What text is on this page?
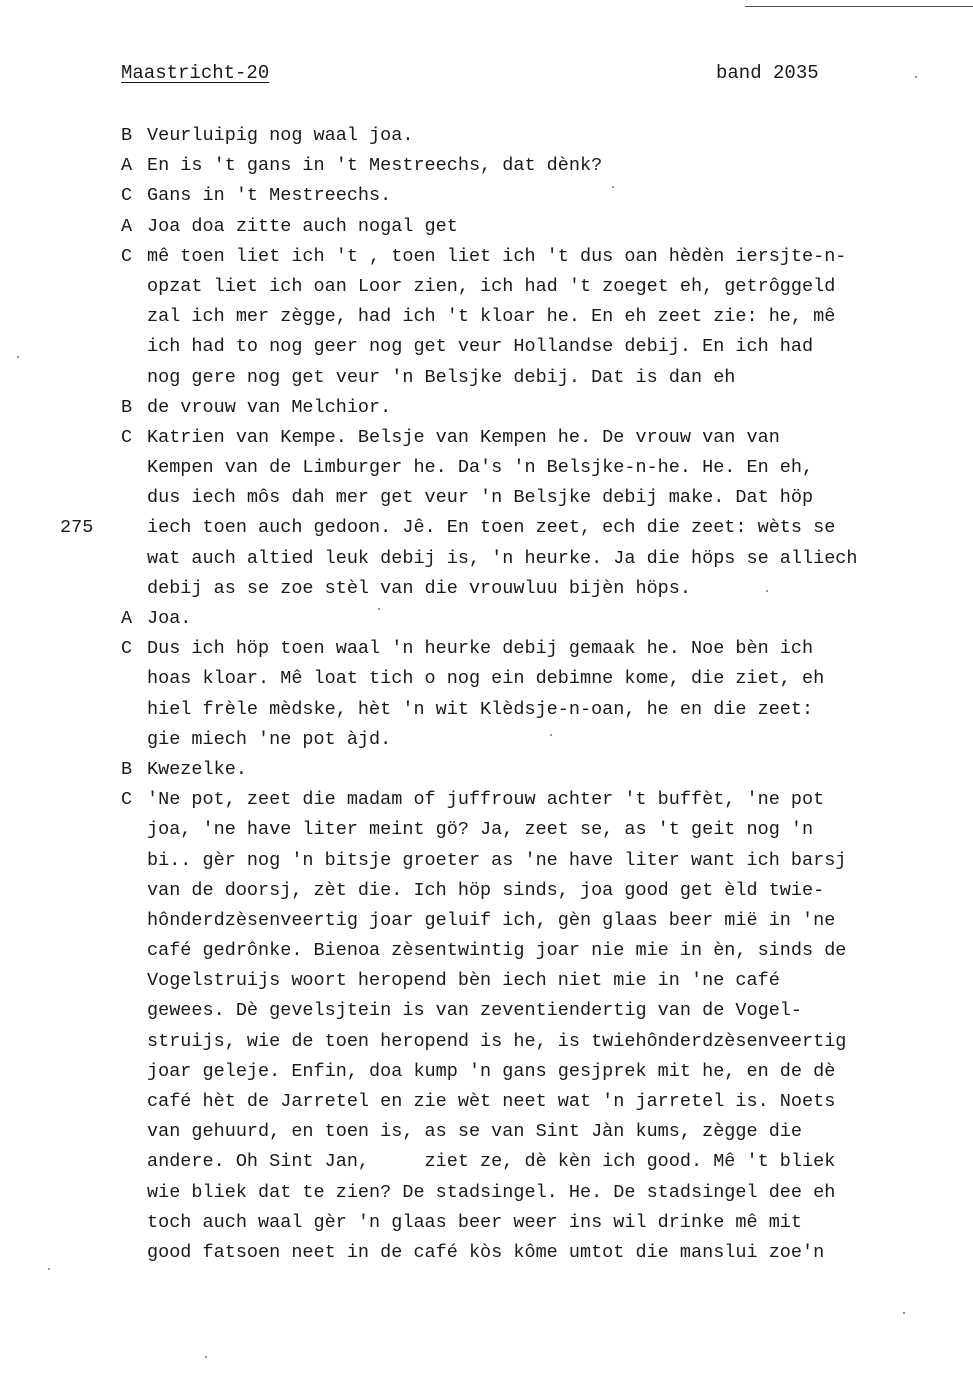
Maastricht-20	band 2035
275
B Veurluipig nog waal joa.
A En is 't gans in 't Mestreechs, dat dènk?
C Gans in 't Mestreechs.
A Joa doa zitte auch nogal get
C mê toen liet ich 't , toen liet ich 't dus oan hèdèn iersjte-n-
opzat liet ich oan Loor zien, ich had 't zoeget eh, getrôggeld
zal ich mer zègge, had ich 't kloar he. En eh zeet zie: he, mê
ich had to nog geer nog get veur Hollandse debij. En ich had
nog gere nog get veur 'n Belsjke debij. Dat is dan eh
B de vrouw van Melchior.
C Katrien van Kempe. Belsje van Kempen he. De vrouw van van
Kempen van de Limburger he. Da's 'n Belsjke-n-he. He. En eh,
dus iech môs dah mer get veur 'n Belsjke debij make. Dat höp
iech toen auch gedoon. Jê. En toen zeet, ech die zeet: wèts se
wat auch altied leuk debij is, 'n heurke. Ja die höps se alliech
debij as se zoe stèl van die vrouwluu bijèn höps.
A Joa.
C Dus ich höp toen waal 'n heurke debij gemaak he. Noe bèn ich
hoas kloar. Mê loat tich o nog ein debimne kome, die ziet, eh
hiel frèle mèdske, hèt 'n wit Klèdsje-n-oan, he en die zeet:
gie miech 'ne pot àjd.
B Kwezelke.
C 'Ne pot, zeet die madam of juffrouw achter 't buffèt, 'ne pot
joa, 'ne have liter meint gö? Ja, zeet se, as 't geit nog 'n
bi.. gèr nog 'n bitsje groeter as 'ne have liter want ich barsj
van de doorsj, zèt die. Ich höp sinds, joa good get èld twie-
hônderdzèsenveertig joar geluif ich, gèn glaas beer mië in 'ne
café gedrônke. Bienoa zèsentwintig joar nie mie in èn, sinds de
Vogelstruijs woort heropend bèn iech niet mie in 'ne café
gewees. Dè gevelsjtein is van zeventiendertig van de Vogel-
struijs, wie de toen heropend is he, is twiehônderdzèsenveertig
joar geleje. Enfin, doa kump 'n gans gesjprek mit he, en de dè
café hèt de Jarretel en zie wèt neet wat 'n jarretel is. Noets
van gehuurd, en toen is, as se van Sint Jàn kums, zègge die
andere. Oh Sint Jan,     ziet ze, dè kèn ich good. Mê 't bliek
wie bliek dat te zien? De stadsingel. He. De stadsingel dee eh
toch auch waal gèr 'n glaas beer weer ins wil drinke mê mit
good fatsoen neet in de café kòs kôme umtot die manslui zoe'n
